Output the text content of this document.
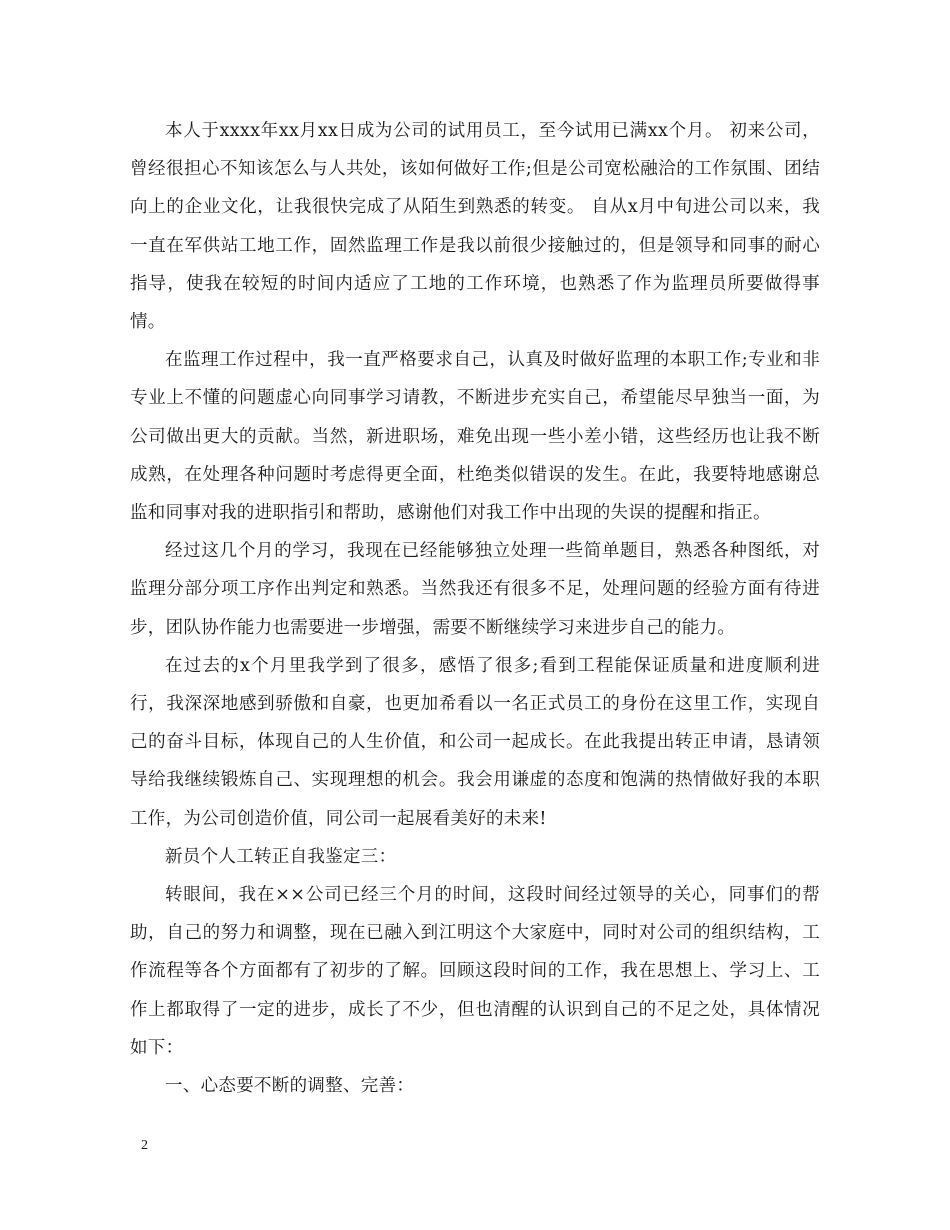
本人于xxxx年xx月xx日成为公司的试用员工，至今试用已满xx个月。 初来公司，曾经很担心不知该怎么与人共处，该如何做好工作;但是公司宽松融洽的工作氛围、团结向上的企业文化，让我很快完成了从陌生到熟悉的转变。 自从x月中旬进公司以来，我一直在军供站工地工作，固然监理工作是我以前很少接触过的，但是领导和同事的耐心指导，使我在较短的时间内适应了工地的工作环境，也熟悉了作为监理员所要做得事情。

在监理工作过程中，我一直严格要求自己，认真及时做好监理的本职工作;专业和非专业上不懂的问题虚心向同事学习请教，不断进步充实自己，希望能尽早独当一面，为公司做出更大的贡献。当然，新进职场，难免出现一些小差小错，这些经历也让我不断成熟，在处理各种问题时考虑得更全面，杜绝类似错误的发生。在此，我要特地感谢总监和同事对我的进职指引和帮助，感谢他们对我工作中出现的失误的提醒和指正。

经过这几个月的学习，我现在已经能够独立处理一些简单题目，熟悉各种图纸，对监理分部分项工序作出判定和熟悉。当然我还有很多不足，处理问题的经验方面有待进步，团队协作能力也需要进一步增强，需要不断继续学习来进步自己的能力。

在过去的x个月里我学到了很多，感悟了很多;看到工程能保证质量和进度顺利进行，我深深地感到骄傲和自豪，也更加希看以一名正式员工的身份在这里工作，实现自己的奋斗目标，体现自己的人生价值，和公司一起成长。在此我提出转正申请，恳请领导给我继续锻炼自己、实现理想的机会。我会用谦虚的态度和饱满的热情做好我的本职工作，为公司创造价值，同公司一起展看美好的未来!

新员个人工转正自我鉴定三：

转眼间，我在××公司已经三个月的时间，这段时间经过领导的关心，同事们的帮助，自己的努力和调整，现在已融入到江明这个大家庭中，同时对公司的组织结构，工作流程等各个方面都有了初步的了解。回顾这段时间的工作，我在思想上、学习上、工作上都取得了一定的进步，成长了不少，但也清醒的认识到自己的不足之处，具体情况如下：

一、心态要不断的调整、完善：

2
